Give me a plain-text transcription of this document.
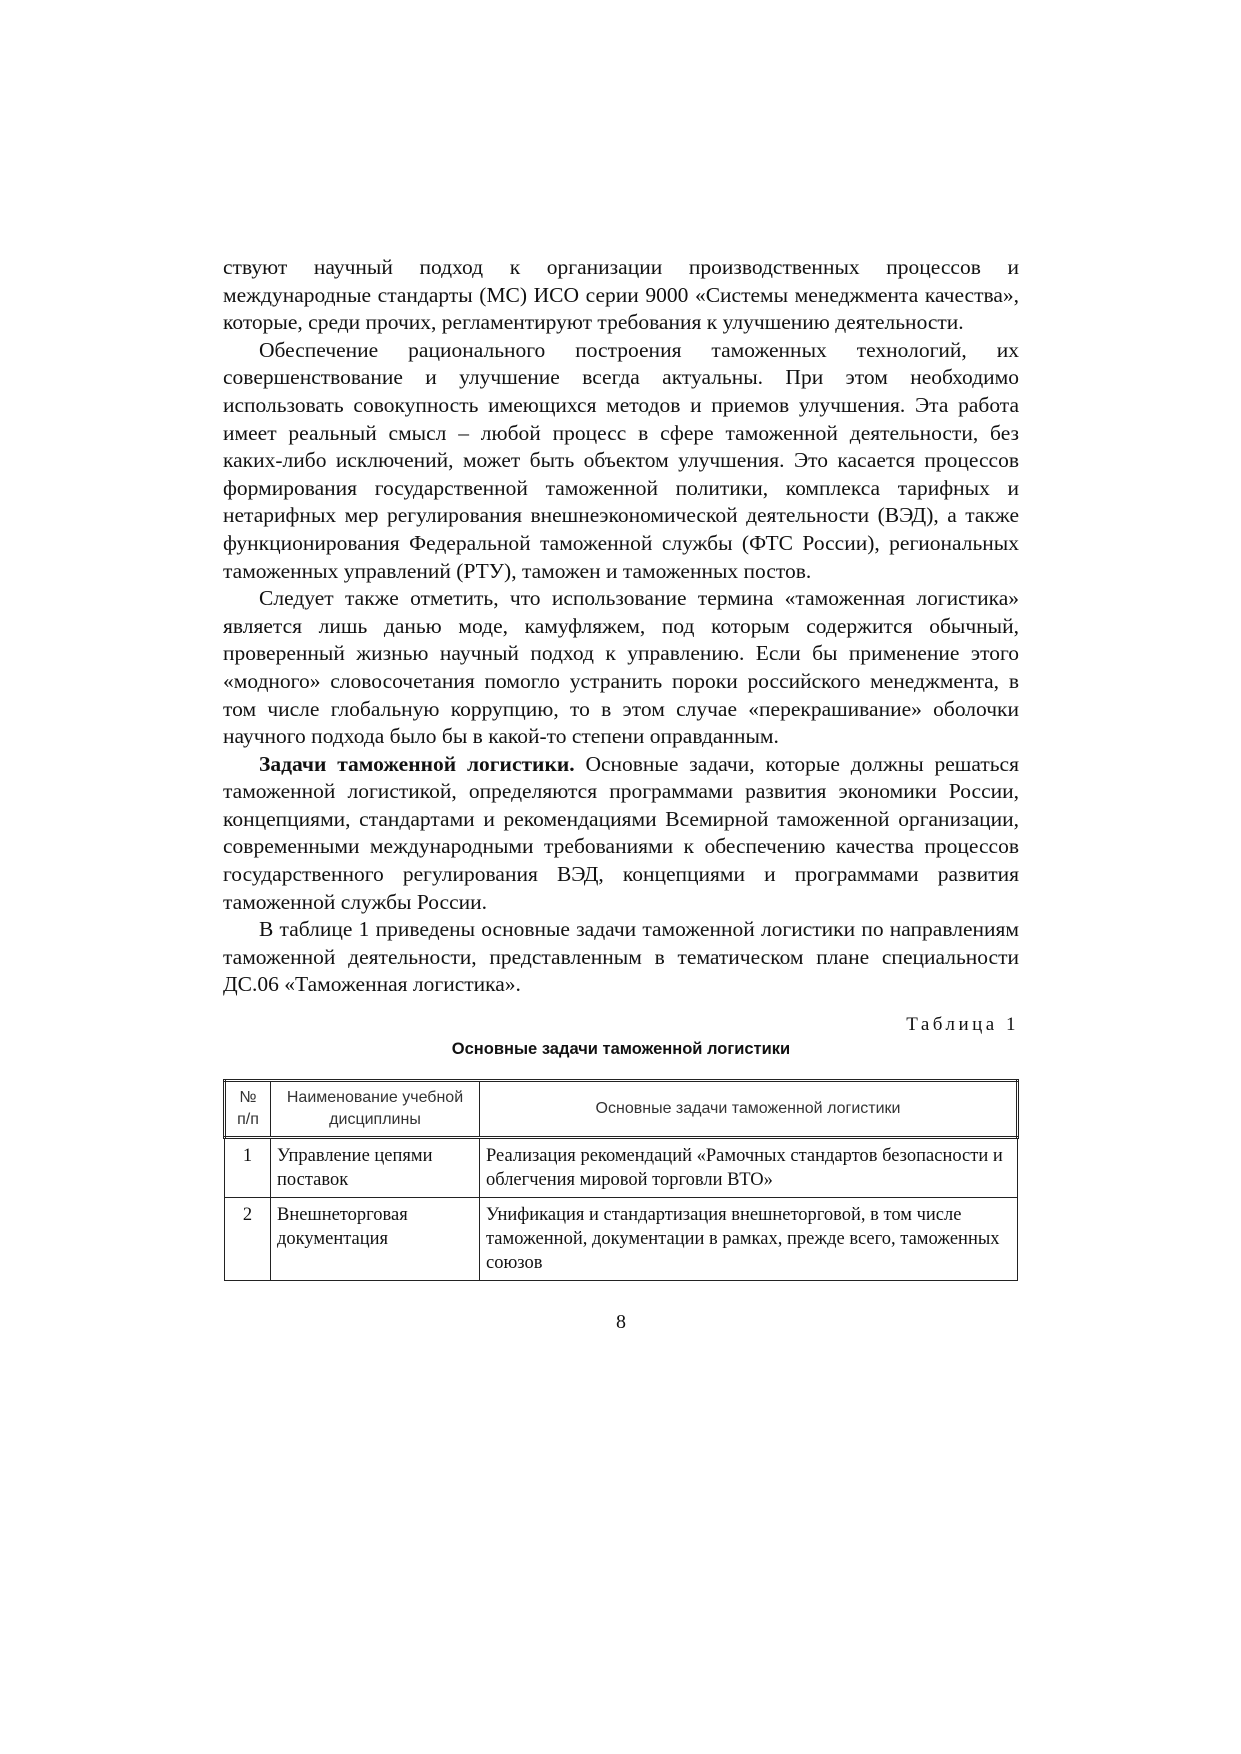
ствуют научный подход к организации производственных процессов и международные стандарты (МС) ИСО серии 9000 «Системы менеджмента качества», которые, среди прочих, регламентируют требования к улучшению деятельности.

Обеспечение рационального построения таможенных технологий, их совершенствование и улучшение всегда актуальны. При этом необходимо использовать совокупность имеющихся методов и приемов улучшения. Эта работа имеет реальный смысл – любой процесс в сфере таможенной деятельности, без каких-либо исключений, может быть объектом улучшения. Это касается процессов формирования государственной таможенной политики, комплекса тарифных и нетарифных мер регулирования внешнеэкономической деятельности (ВЭД), а также функционирования Федеральной таможенной службы (ФТС России), региональных таможенных управлений (РТУ), таможен и таможенных постов.

Следует также отметить, что использование термина «таможенная логистика» является лишь данью моде, камуфляжем, под которым содержится обычный, проверенный жизнью научный подход к управлению. Если бы применение этого «модного» словосочетания помогло устранить пороки российского менеджмента, в том числе глобальную коррупцию, то в этом случае «перекрашивание» оболочки научного подхода было бы в какой-то степени оправданным.

Задачи таможенной логистики. Основные задачи, которые должны решаться таможенной логистикой, определяются программами развития экономики России, концепциями, стандартами и рекомендациями Всемирной таможенной организации, современными международными требованиями к обеспечению качества процессов государственного регулирования ВЭД, концепциями и программами развития таможенной службы России.

В таблице 1 приведены основные задачи таможенной логистики по направлениям таможенной деятельности, представленным в тематическом плане специальности ДС.06 «Таможенная логистика».

Таблица 1
Основные задачи таможенной логистики
№ п/п	Наименование учебной дисциплины	Основные задачи таможенной логистики
1	Управление цепями поставок	Реализация рекомендаций «Рамочных стандартов безопасности и облегчения мировой торговли ВТО»
2	Внешнеторговая документация	Унификация и стандартизация внешнеторговой, в том числе таможенной, документации в рамках, прежде всего, таможенных союзов
8
